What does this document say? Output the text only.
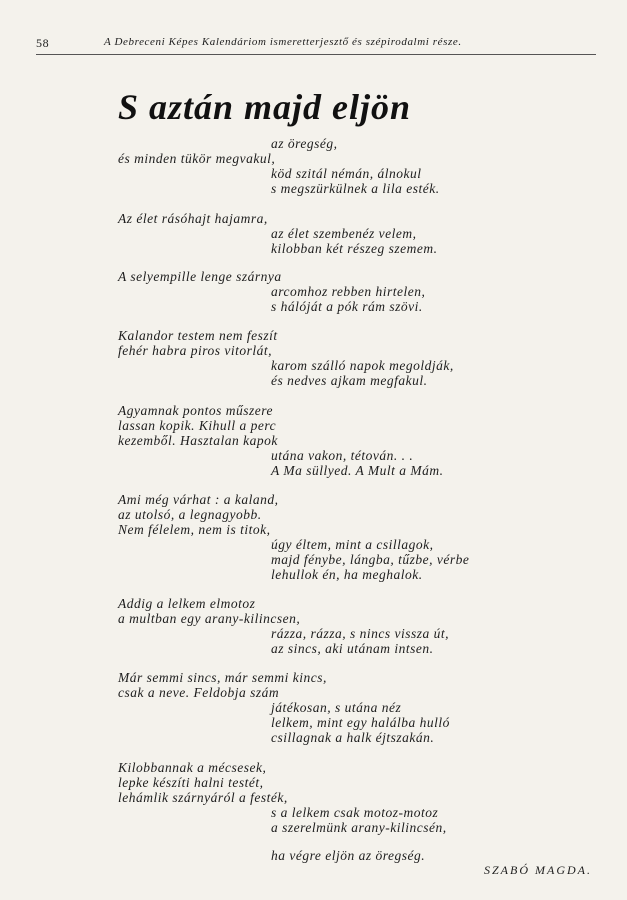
58	A Debreceni Képes Kalendáriom ismeretterjesztő és szépirodalmi része.
S aztán majd eljön
az öregség,
és minden tükör megvakul,
köd szitál némán, álnokul
s megszürkülnek a lila esték.
Az élet rásóhajt hajamra,
az élet szembenéz velem,
kilobban két részeg szemem.
A selyempille lenge szárnya
arcomhoz rebben hirtelen,
s hálóját a pók rám szövi.
Kalandor testem nem feszít
fehér habra piros vitorlát,
karom szálló napok megoldják,
és nedves ajkam megfakul.
Agyamnak pontos műszere
lassan kopik. Kihull a perc
kezemből. Hasztalan kapok
utána vakon, tétován. . .
A Ma süllyed. A Mult a Mám.
Ami még várhat : a kaland,
az utolsó, a legnagyobb.
Nem félelem, nem is titok,
úgy éltem, mint a csillagok,
majd fénybe, lángba, tűzbe, vérbe
lehullok én, ha meghalok.
Addig a lelkem elmotoz
a multban egy arany-kilincsen,
rázza, rázza, s nincs vissza út,
az sincs, aki utánam intsen.
Már semmi sincs, már semmi kincs,
csak a neve. Feldobja szám
játékosan, s utána néz
lelkem, mint egy halálba hulló
csillagnak a halk éjtszakán.
Kilobbannak a mécsesek,
lepke készíti halni testét,
lehámlik szárnyáról a festék,
s a lelkem csak motoz-motoz
a szerelmünk arany-kilincsén,
ha végre eljön az öregség.
SZABÓ MAGDA.
